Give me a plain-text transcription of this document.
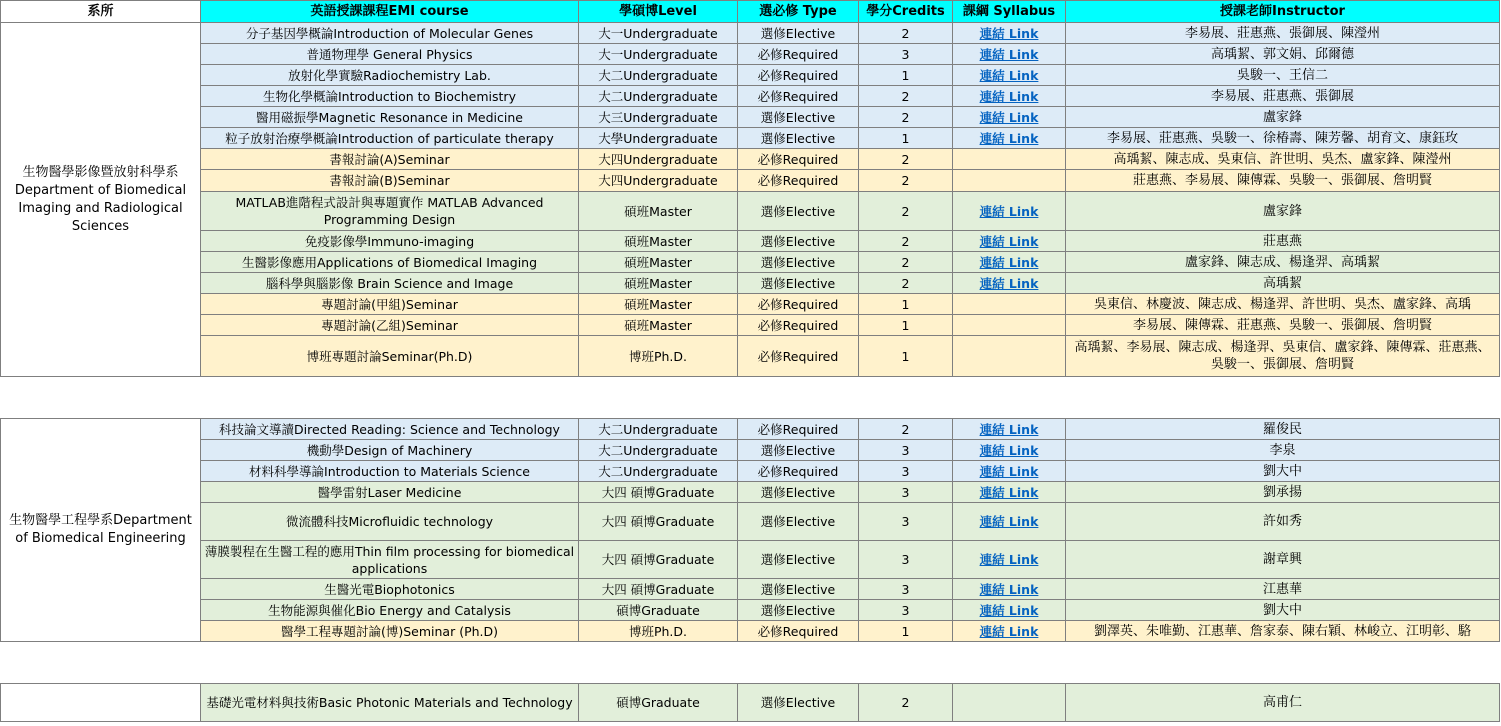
系所	英語授課課程EMI course	學碩博Level	選必修 Type	學分Credits	課綱 Syllabus	授課老師Instructor
生物醫學影像暨放射科學系 Department of Biomedical Imaging and Radiological Sciences	分子基因學概論Introduction of Molecular Genes	大一Undergraduate	選修Elective	2	連結 Link	李易展、莊惠燕、張御展、陳瀅州
	普通物理學 General Physics	大一Undergraduate	必修Required	3	連結 Link	高瑀絜、郭文娟、邱爾德
	放射化學實驗Radiochemistry Lab.	大二Undergraduate	必修Required	1	連結 Link	吳駿一、王信二
	生物化學概論Introduction to Biochemistry	大二Undergraduate	必修Required	2	連結 Link	李易展、莊惠燕、張御展
	醫用磁振學Magnetic Resonance in Medicine	大三Undergraduate	選修Elective	2	連結 Link	盧家鋒
	粒子放射治療學概論Introduction of particulate therapy	大學Undergraduate	選修Elective	1	連結 Link	李易展、莊惠燕、吳駿一、徐椿壽、陳芳馨、胡育文、康鈺玫
	書報討論(A)Seminar	大四Undergraduate	必修Required	2		高瑀絜、陳志成、吳東信、許世明、吳杰、盧家鋒、陳瀅州
	書報討論(B)Seminar	大四Undergraduate	必修Required	2		莊惠燕、李易展、陳傳霖、吳駿一、張御展、詹明賢
	MATLAB進階程式設計與專題實作 MATLAB Advanced Programming Design	碩班Master	選修Elective	2	連結 Link	盧家鋒
	免疫影像學Immuno-imaging	碩班Master	選修Elective	2	連結 Link	莊惠燕
	生醫影像應用Applications of Biomedical Imaging	碩班Master	選修Elective	2	連結 Link	盧家鋒、陳志成、楊逢羿、高瑀絜
	腦科學與腦影像 Brain Science and Image	碩班Master	選修Elective	2	連結 Link	高瑀絜
	專題討論(甲組)Seminar	碩班Master	必修Required	1		吳東信、林慶波、陳志成、楊逢羿、許世明、吳杰、盧家鋒、高瑀
	專題討論(乙組)Seminar	碩班Master	必修Required	1		李易展、陳傳霖、莊惠燕、吳駿一、張御展、詹明賢
	博班專題討論Seminar(Ph.D)	博班Ph.D.	必修Required	1		高瑀絜、李易展、陳志成、楊逢羿、吳東信、盧家鋒、陳傳霖、莊惠燕、吳駿一、張御展、詹明賢

生物醫學工程學系Department of Biomedical Engineering	科技論文導讀Directed Reading: Science and Technology	大二Undergraduate	必修Required	2	連結 Link	羅俊民
	機動學Design of Machinery	大二Undergraduate	選修Elective	3	連結 Link	李泉
	材料科學導論Introduction to Materials Science	大二Undergraduate	必修Required	3	連結 Link	劉大中
	醫學雷射Laser Medicine	大四 碩博Graduate	選修Elective	3	連結 Link	劉承揚
	微流體科技Microfluidic technology	大四 碩博Graduate	選修Elective	3	連結 Link	許如秀
	薄膜製程在生醫工程的應用Thin film processing for biomedical applications	大四 碩博Graduate	選修Elective	3	連結 Link	謝章興
	生醫光電Biophotonics	大四 碩博Graduate	選修Elective	3	連結 Link	江惠華
	生物能源與催化Bio Energy and Catalysis	碩博Graduate	選修Elective	3	連結 Link	劉大中
	醫學工程專題討論(博)Seminar (Ph.D)	博班Ph.D.	必修Required	1	連結 Link	劉澤英、朱唯勤、江惠華、詹家泰、陳右穎、林峻立、江明彰、駱

	基礎光電材料與技術Basic Photonic Materials and Technology	碩博Graduate	選修Elective	2		高甫仁
